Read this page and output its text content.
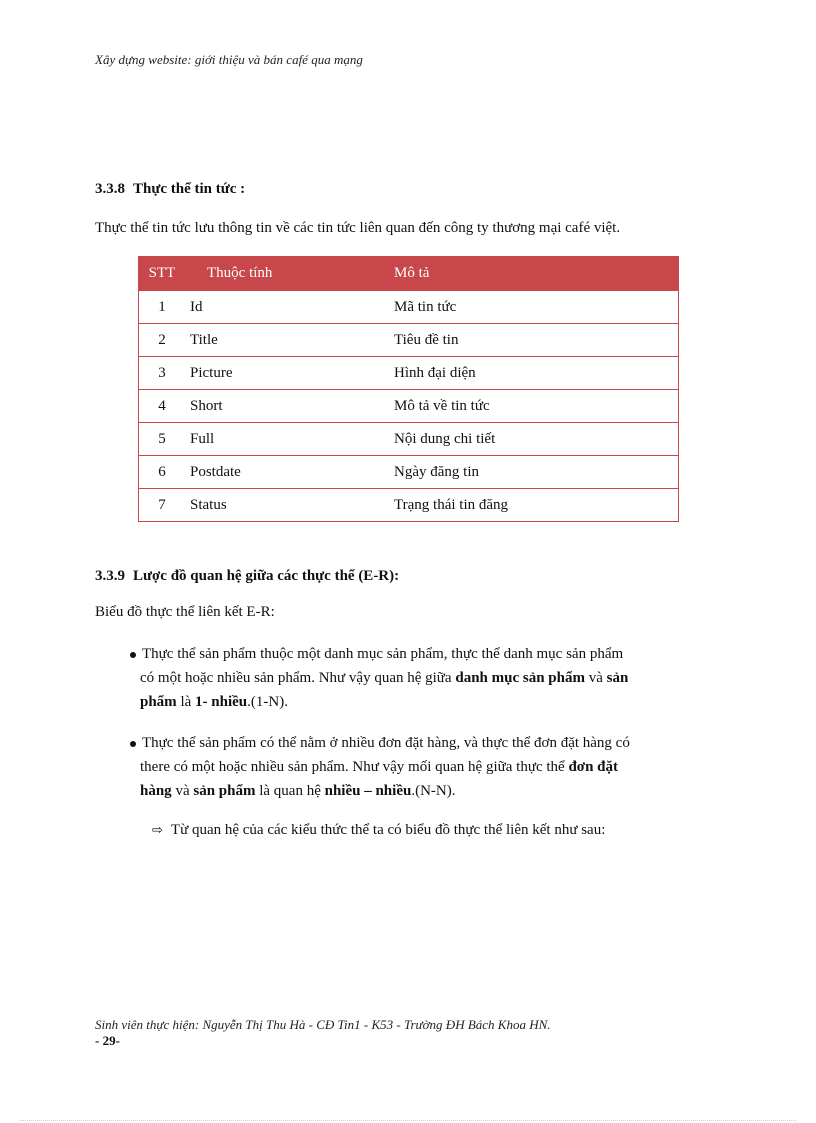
Xây dựng website: giới thiệu và bán café qua mạng
3.3.8 Thực thể tin tức :
Thực thể tin tức lưu thông tin về các tin tức liên quan đến công ty thương mại café việt.
STT	Thuộc tính	Mô tả
1	Id	Mã tin tức
2	Title	Tiêu đề tin
3	Picture	Hình đại diện
4	Short	Mô tả về tin tức
5	Full	Nội dung chi tiết
6	Postdate	Ngày đăng tin
7	Status	Trạng thái tin đăng
3.3.9 Lược đồ quan hệ giữa các thực thể (E-R):
Biểu đồ thực thể liên kết E-R:
Thực thể sản phẩm thuộc một danh mục sản phẩm, thực thể danh mục sản phẩm
có một hoặc nhiều sản phẩm. Như vậy quan hệ giữa danh mục sản phẩm và sản
phẩm là 1- nhiều.(1-N).
Thực thể sản phẩm có thể nằm ở nhiều đơn đặt hàng, và thực thể đơn đặt hàng có
there có một hoặc nhiều sản phẩm. Như vậy mối quan hệ giữa thực thể đơn đặt
hàng và sản phẩm là quan hệ nhiều – nhiều.(N-N).
⇨ Từ quan hệ của các kiểu thức thể ta có biểu đồ thực thể liên kết như sau:
Sinh viên thực hiện: Nguyễn Thị Thu Hà - CĐ Tin1 - K53 - Trường ĐH Bách Khoa HN.
- 29-
